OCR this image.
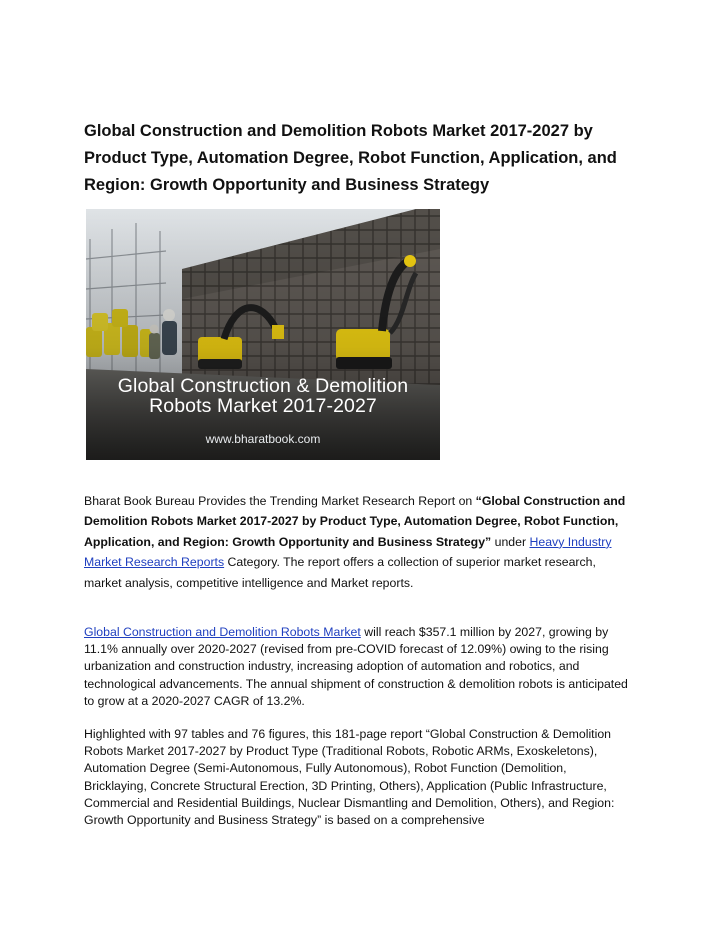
Global Construction and Demolition Robots Market 2017-2027 by Product Type, Automation Degree, Robot Function, Application, and Region: Growth Opportunity and Business Strategy
Global Construction & Demolition
Robots Market 2017-2027
www.bharatbook.com

Bharat Book Bureau Provides the Trending Market Research Report on “Global Construction and Demolition Robots Market 2017-2027 by Product Type, Automation Degree, Robot Function, Application, and Region: Growth Opportunity and Business Strategy” under Heavy Industry Market Research Reports Category. The report offers a collection of superior market research, market analysis, competitive intelligence and Market reports.

Global Construction and Demolition Robots Market will reach $357.1 million by 2027, growing by 11.1% annually over 2020-2027 (revised from pre-COVID forecast of 12.09%) owing to the rising urbanization and construction industry, increasing adoption of automation and robotics, and technological advancements. The annual shipment of construction & demolition robots is anticipated to grow at a 2020-2027 CAGR of 13.2%.

Highlighted with 97 tables and 76 figures, this 181-page report “Global Construction & Demolition Robots Market 2017-2027 by Product Type (Traditional Robots, Robotic ARMs, Exoskeletons), Automation Degree (Semi-Autonomous, Fully Autonomous), Robot Function (Demolition, Bricklaying, Concrete Structural Erection, 3D Printing, Others), Application (Public Infrastructure, Commercial and Residential Buildings, Nuclear Dismantling and Demolition, Others), and Region: Growth Opportunity and Business Strategy” is based on a comprehensive
